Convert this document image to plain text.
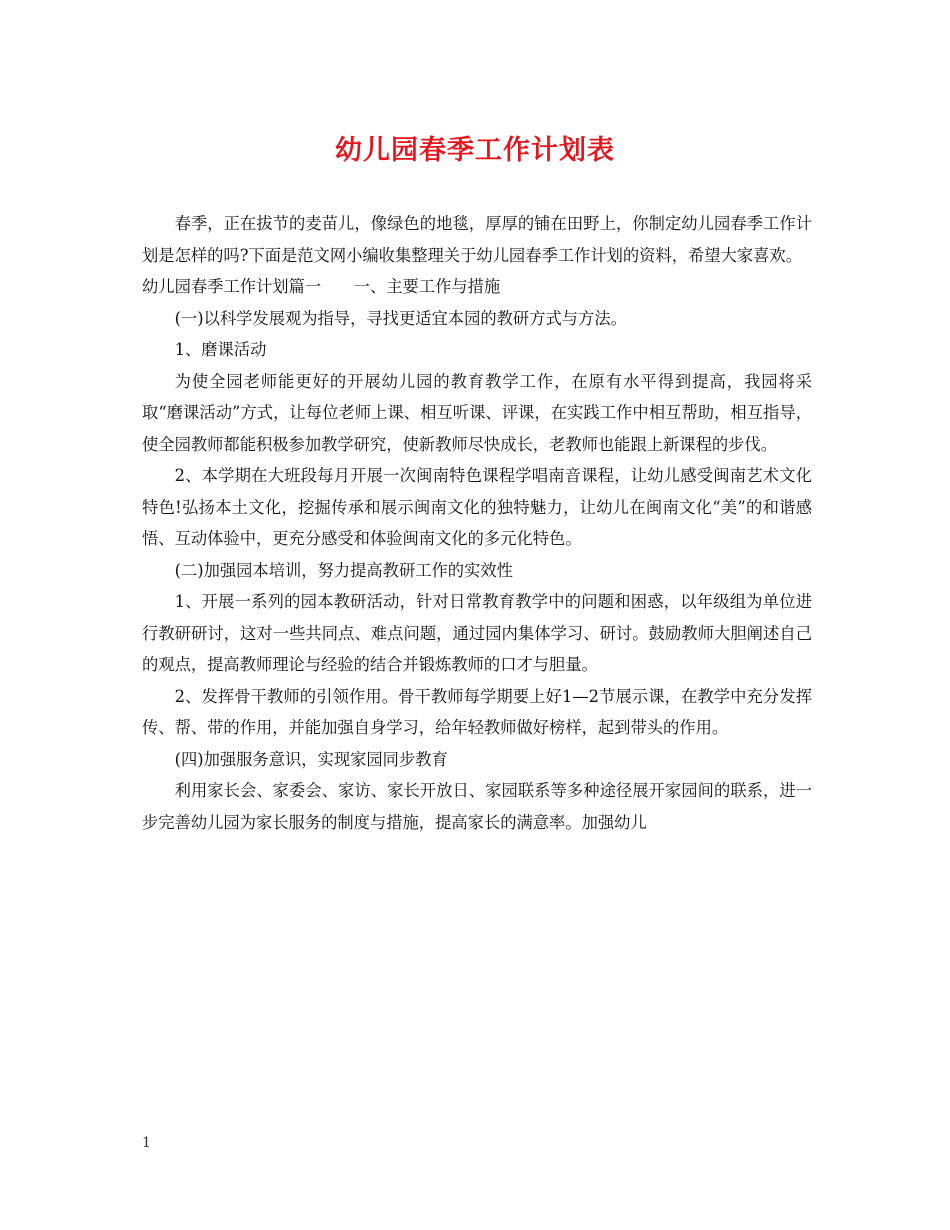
幼儿园春季工作计划表

春季，正在拔节的麦苗儿，像绿色的地毯，厚厚的铺在田野上，你制定幼儿园春季工作计划是怎样的吗?下面是范文网小编收集整理关于幼儿园春季工作计划的资料，希望大家喜欢。

幼儿园春季工作计划篇一　　一、主要工作与措施

(一)以科学发展观为指导，寻找更适宜本园的教研方式与方法。

1、磨课活动

为使全园老师能更好的开展幼儿园的教育教学工作，在原有水平得到提高，我园将采取“磨课活动”方式，让每位老师上课、相互听课、评课，在实践工作中相互帮助，相互指导，使全园教师都能积极参加教学研究，使新教师尽快成长，老教师也能跟上新课程的步伐。

2、本学期在大班段每月开展一次闽南特色课程学唱南音课程，让幼儿感受闽南艺术文化特色!弘扬本土文化，挖掘传承和展示闽南文化的独特魅力，让幼儿在闽南文化“美”的和谐感悟、互动体验中，更充分感受和体验闽南文化的多元化特色。

(二)加强园本培训，努力提高教研工作的实效性

1、开展一系列的园本教研活动，针对日常教育教学中的问题和困惑，以年级组为单位进行教研研讨，这对一些共同点、难点问题，通过园内集体学习、研讨。鼓励教师大胆阐述自己的观点，提高教师理论与经验的结合并锻炼教师的口才与胆量。

2、发挥骨干教师的引领作用。骨干教师每学期要上好1—2节展示课，在教学中充分发挥传、帮、带的作用，并能加强自身学习，给年轻教师做好榜样，起到带头的作用。

(四)加强服务意识，实现家园同步教育

利用家长会、家委会、家访、家长开放日、家园联系等多种途径展开家园间的联系，进一步完善幼儿园为家长服务的制度与措施，提高家长的满意率。加强幼儿

1
